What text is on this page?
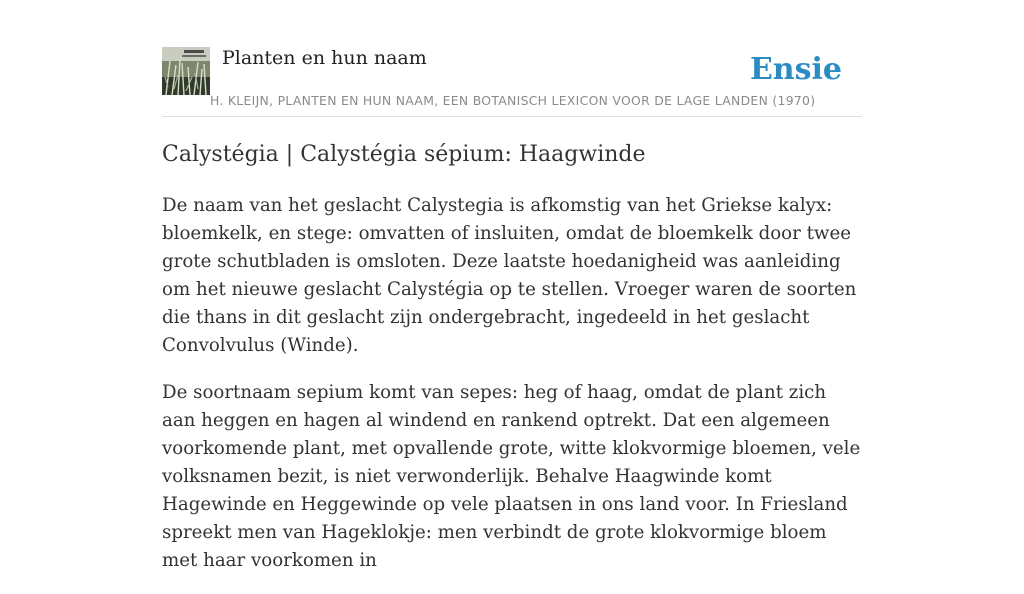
Planten en hun naam	Ensie
H. KLEIJN, PLANTEN EN HUN NAAM, EEN BOTANISCH LEXICON VOOR DE LAGE LANDEN (1970)
Calystégia | Calystégia sépium: Haagwinde

De naam van het geslacht Calystegia is afkomstig van het Griekse kalyx: bloemkelk, en stege: omvatten of insluiten, omdat de bloemkelk door twee grote schutbladen is omsloten. Deze laatste hoedanigheid was aanleiding om het nieuwe geslacht Calystégia op te stellen. Vroeger waren de soorten die thans in dit geslacht zijn ondergebracht, ingedeeld in het geslacht Convolvulus (Winde).

De soortnaam sepium komt van sepes: heg of haag, omdat de plant zich aan heggen en hagen al windend en rankend optrekt. Dat een algemeen voorkomende plant, met opvallende grote, witte klokvormige bloemen, vele volksnamen bezit, is niet verwonderlijk. Behalve Haagwinde komt Hagewinde en Heggewinde op vele plaatsen in ons land voor. In Friesland spreekt men van Hageklokje: men verbindt de grote klokvormige bloem met haar voorkomen in
